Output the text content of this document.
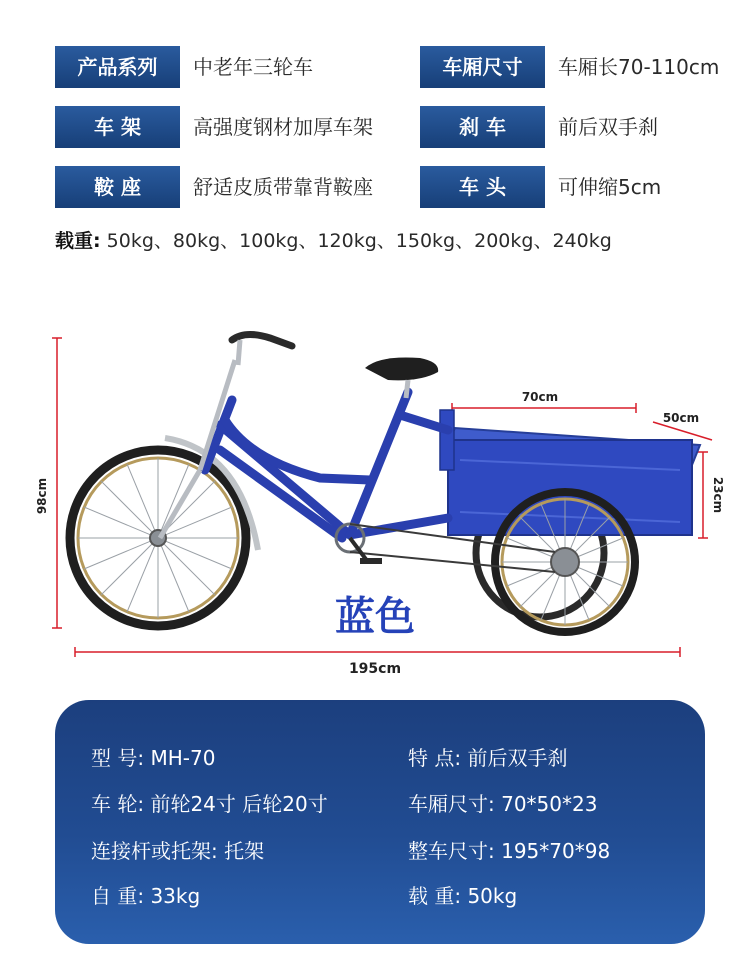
产品系列	中老年三轮车	车厢尺寸	车厢长70-110cm
车 架	高强度钢材加厚车架	刹 车	前后双手刹
鞍 座	舒适皮质带靠背鞍座	车 头	可伸缩5cm
载重: 50kg、80kg、100kg、120kg、150kg、200kg、240kg
98cm
195cm
70cm
50cm
23cm
蓝色
型 号: MH-70	特 点: 前后双手刹
车 轮: 前轮24寸 后轮20寸	车厢尺寸: 70*50*23
连接杆或托架: 托架	整车尺寸: 195*70*98
自 重: 33kg	载 重: 50kg
